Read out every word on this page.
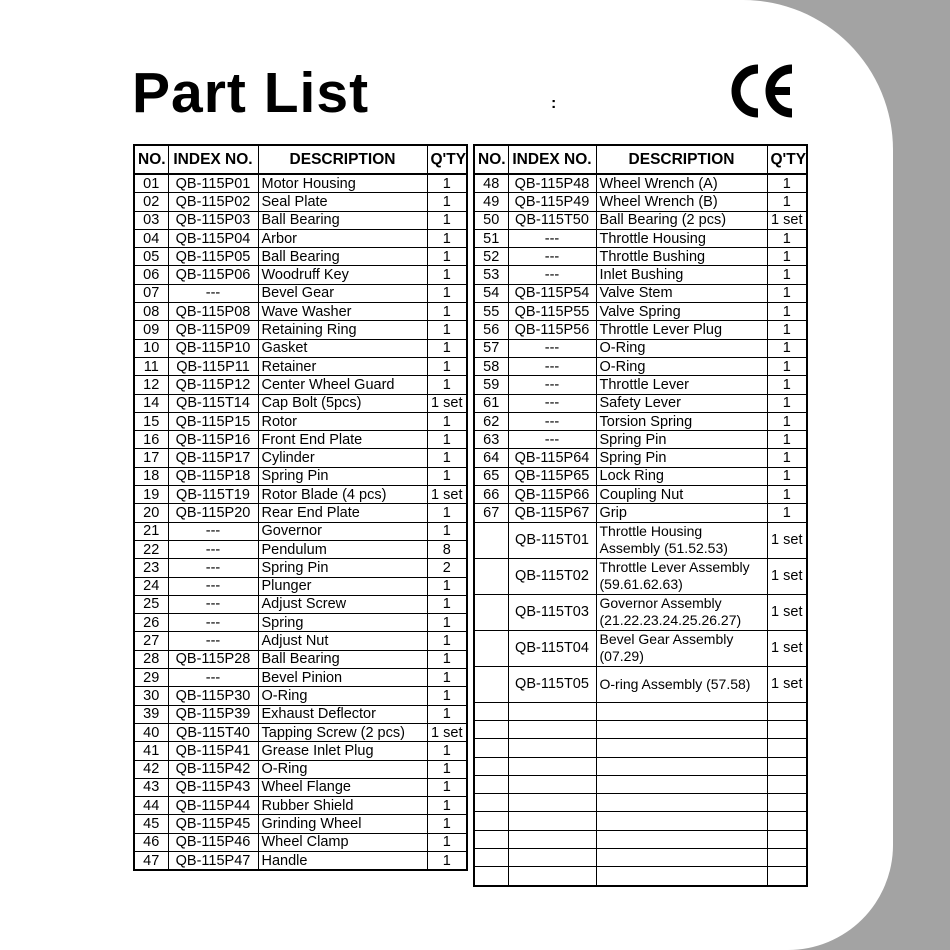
Part List	:
NO.	INDEX NO.	DESCRIPTION	Q'TY
01	QB-115P01	Motor Housing	1
02	QB-115P02	Seal Plate	1
03	QB-115P03	Ball Bearing	1
04	QB-115P04	Arbor	1
05	QB-115P05	Ball Bearing	1
06	QB-115P06	Woodruff Key	1
07	---	Bevel Gear	1
08	QB-115P08	Wave Washer	1
09	QB-115P09	Retaining Ring	1
10	QB-115P10	Gasket	1
11	QB-115P11	Retainer	1
12	QB-115P12	Center Wheel Guard	1
14	QB-115T14	Cap Bolt (5pcs)	1 set
15	QB-115P15	Rotor	1
16	QB-115P16	Front End Plate	1
17	QB-115P17	Cylinder	1
18	QB-115P18	Spring Pin	1
19	QB-115T19	Rotor Blade (4 pcs)	1 set
20	QB-115P20	Rear End Plate	1
21	---	Governor	1
22	---	Pendulum	8
23	---	Spring Pin	2
24	---	Plunger	1
25	---	Adjust Screw	1
26	---	Spring	1
27	---	Adjust Nut	1
28	QB-115P28	Ball Bearing	1
29	---	Bevel Pinion	1
30	QB-115P30	O-Ring	1
39	QB-115P39	Exhaust Deflector	1
40	QB-115T40	Tapping Screw (2 pcs)	1 set
41	QB-115P41	Grease Inlet Plug	1
42	QB-115P42	O-Ring	1
43	QB-115P43	Wheel Flange	1
44	QB-115P44	Rubber Shield	1
45	QB-115P45	Grinding Wheel	1
46	QB-115P46	Wheel Clamp	1
47	QB-115P47	Handle	1
NO.	INDEX NO.	DESCRIPTION	Q'TY
48	QB-115P48	Wheel Wrench (A)	1
49	QB-115P49	Wheel Wrench (B)	1
50	QB-115T50	Ball Bearing (2 pcs)	1 set
51	---	Throttle Housing	1
52	---	Throttle Bushing	1
53	---	Inlet Bushing	1
54	QB-115P54	Valve Stem	1
55	QB-115P55	Valve Spring	1
56	QB-115P56	Throttle Lever Plug	1
57	---	O-Ring	1
58	---	O-Ring	1
59	---	Throttle Lever	1
61	---	Safety Lever	1
62	---	Torsion Spring	1
63	---	Spring Pin	1
64	QB-115P64	Spring Pin	1
65	QB-115P65	Lock Ring	1
66	QB-115P66	Coupling Nut	1
67	QB-115P67	Grip	1
	QB-115T01	Throttle Housing Assembly (51.52.53)	1 set
	QB-115T02	Throttle Lever Assembly (59.61.62.63)	1 set
	QB-115T03	Governor Assembly (21.22.23.24.25.26.27)	1 set
	QB-115T04	Bevel Gear Assembly (07.29)	1 set
	QB-115T05	O-ring Assembly (57.58)	1 set
